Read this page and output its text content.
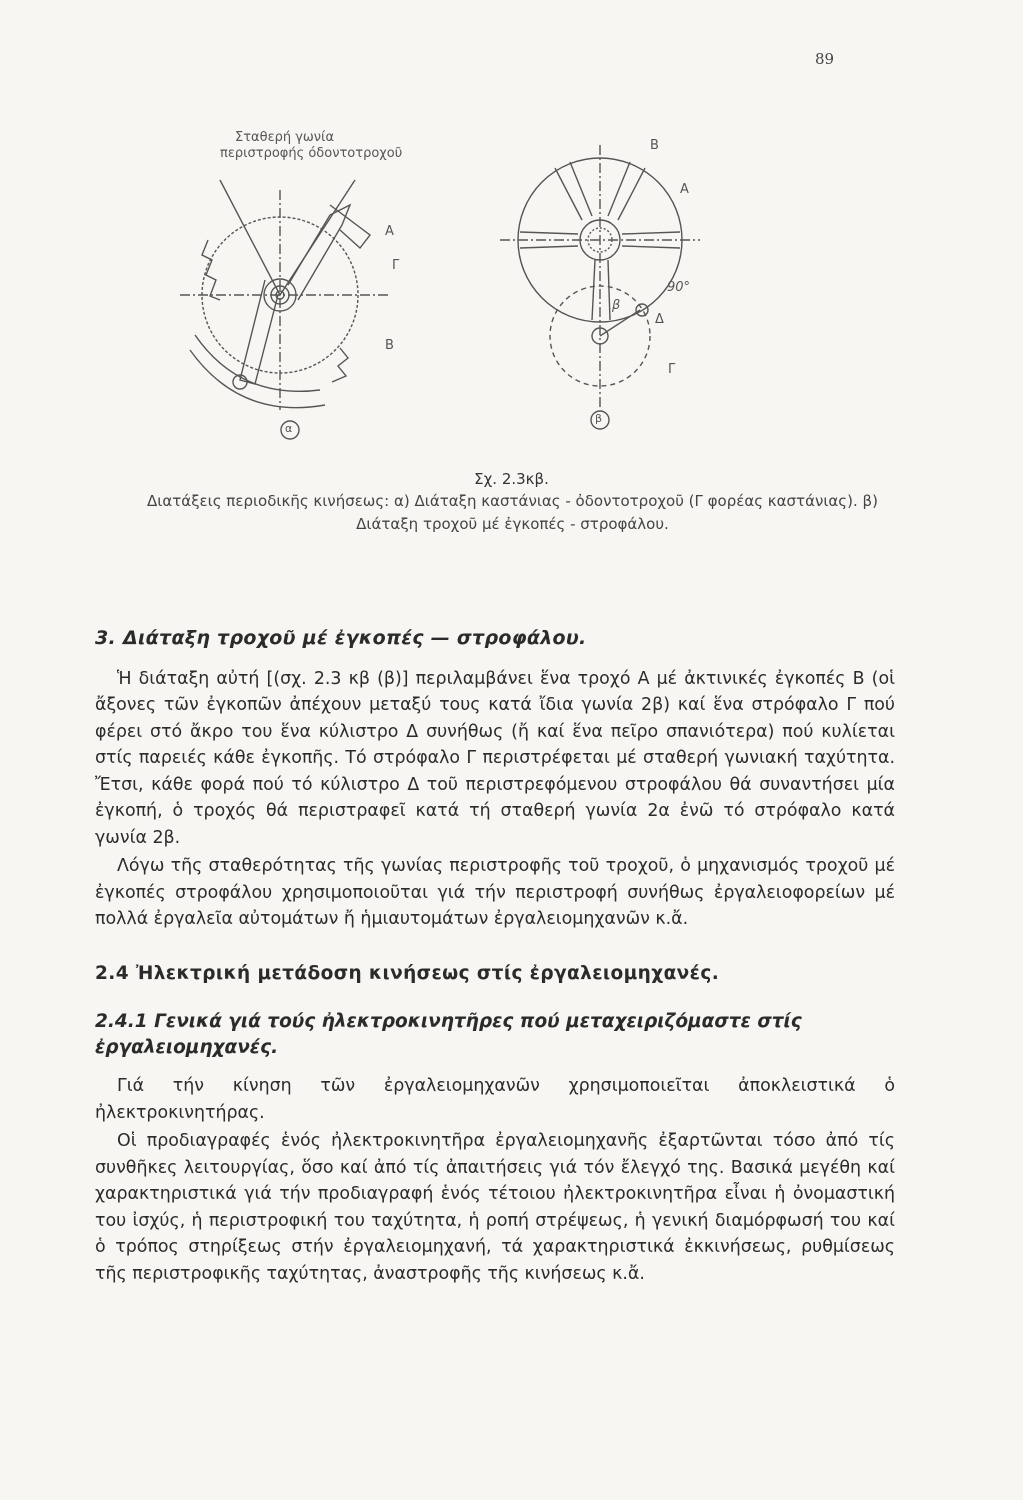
89
Σταθερή γωνία
περιστροφής όδοντοτροχοῦ
Α
Γ
Β
α
Β
Α
90°
β
Δ
Γ
β
Σχ. 2.3κβ.
Διατάξεις περιοδικῆς κινήσεως: α) Διάταξη καστάνιας - ὀδοντοτροχοῦ (Γ φορέας καστάνιας). β) Διάταξη τροχοῦ μέ ἐγκοπές - στροφάλου.
3. Διάταξη τροχοῦ μέ ἐγκοπές — στροφάλου.

Ἡ διάταξη αὐτή [(σχ. 2.3 κβ (β)] περιλαμβάνει ἕνα τροχό Α μέ ἀκτινικές ἐγκοπές Β (οἱ ἄξονες τῶν ἐγκοπῶν ἀπέχουν μεταξύ τους κατά ἴδια γωνία 2β) καί ἕνα στρόφαλο Γ πού φέρει στό ἄκρο του ἕνα κύλιστρο Δ συνήθως (ἤ καί ἕνα πεῖρο σπανιότερα) πού κυλίεται στίς παρειές κάθε ἐγκοπῆς. Τό στρόφαλο Γ περιστρέφεται μέ σταθερή γωνιακή ταχύτητα. Ἔτσι, κάθε φορά πού τό κύλιστρο Δ τοῦ περιστρεφόμενου στροφάλου θά συναντήσει μία ἐγκοπή, ὁ τροχός θά περιστραφεῖ κατά τή σταθερή γωνία 2α ἐνῶ τό στρόφαλο κατά γωνία 2β.

Λόγω τῆς σταθερότητας τῆς γωνίας περιστροφῆς τοῦ τροχοῦ, ὁ μηχανισμός τροχοῦ μέ ἐγκοπές στροφάλου χρησιμοποιοῦται γιά τήν περιστροφή συνήθως ἐργαλειοφορείων μέ πολλά ἐργαλεῖα αὐτομάτων ἤ ἡμιαυτομάτων ἐργαλειομηχανῶν κ.ἄ.

2.4 Ἠλεκτρική μετάδοση κινήσεως στίς ἐργαλειομηχανές.
2.4.1 Γενικά γιά τούς ἠλεκτροκινητῆρες πού μεταχειριζόμαστε στίς ἐργαλειομηχανές.

Γιά τήν κίνηση τῶν ἐργαλειομηχανῶν χρησιμοποιεῖται ἀποκλειστικά ὁ ἠλεκτροκινητήρας.

Οἱ προδιαγραφές ἑνός ἠλεκτροκινητῆρα ἐργαλειομηχανῆς ἐξαρτῶνται τόσο ἀπό τίς συνθῆκες λειτουργίας, ὅσο καί ἀπό τίς ἀπαιτήσεις γιά τόν ἔλεγχό της. Βασικά μεγέθη καί χαρακτηριστικά γιά τήν προδιαγραφή ἑνός τέτοιου ἠλεκτροκινητῆρα εἶναι ἡ ὀνομαστική του ἰσχύς, ἡ περιστροφική του ταχύτητα, ἡ ροπή στρέψεως, ἡ γενική διαμόρφωσή του καί ὁ τρόπος στηρίξεως στήν ἐργαλειομηχανή, τά χαρακτηριστικά ἐκκινήσεως, ρυθμίσεως τῆς περιστροφικῆς ταχύτητας, ἀναστροφῆς τῆς κινήσεως κ.ἄ.
